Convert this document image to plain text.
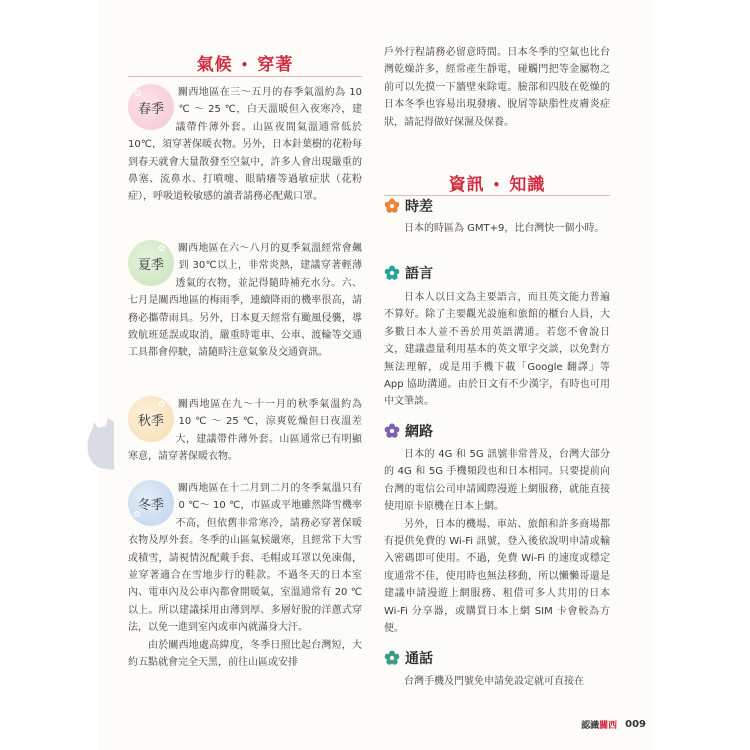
氣候 • 穿著
✿
春季

關西地區在三～五月的春季氣溫約為 10 ℃ ～ 25 ℃，白天溫暖但入夜寒冷，建議帶件薄外套。山區夜間氣溫通常低於 10℃，須穿著保暖衣物。另外，日本針葉樹的花粉每到春天就會大量散發至空氣中，許多人會出現嚴重的鼻塞、流鼻水、打噴嚏、眼睛癢等過敏症狀（花粉症），呼吸道較敏感的讀者請務必配戴口罩。

✿
夏季

關西地區在六～八月的夏季氣溫經常會飆到 30℃以上，非常炎熱，建議穿著輕薄透氣的衣物，並記得隨時補充水分。六、七月是關西地區的梅雨季，連續降雨的機率很高，請務必攜帶雨具。另外，日本夏天經常有颱風侵襲，導致航班延誤或取消，嚴重時電車、公車、渡輪等交通工具都會停駛，請隨時注意氣象及交通資訊。

✿
秋季

關西地區在九～十一月的秋季氣溫約為 10 ℃ ～ 25 ℃，涼爽乾燥但日夜溫差大，建議帶件薄外套。山區通常已有明顯寒意，請穿著保暖衣物。

✿
冬季

關西地區在十二月到二月的冬季氣溫只有 0 ℃～ 10 ℃，市區或平地雖然降雪機率不高，但依舊非常寒冷，請務必穿著保暖衣物及厚外套。冬季的山區氣候嚴寒，且經常下大雪或積雪，請視情況配戴手套、毛帽或耳罩以免凍傷，並穿著適合在雪地步行的鞋款。不過冬天的日本室內、電車內及公車內都會開暖氣，室溫通常有 20 ℃以上。所以建議採用由薄到厚、多層好脫的洋蔥式穿法，以免一進到室內或車內就滿身大汗。

由於關西地處高緯度，冬季日照比起台灣短，大約五點就會完全天黑，前往山區或安排

戶外行程請務必留意時間。日本冬季的空氣也比台灣乾燥許多，經常產生靜電，碰觸門把等金屬物之前可以先摸一下牆壁來除電。臉部和四肢在乾燥的日本冬季也容易出現發癢、脫屑等缺脂性皮膚炎症狀，請記得做好保濕及保養。

資訊 • 知識
時差

日本的時區為 GMT+9，比台灣快一個小時。

語言

日本人以日文為主要語言，而且英文能力普遍不算好。除了主要觀光設施和旅館的櫃台人員，大多數日本人並不善於用英語溝通。若您不會說日文，建議盡量利用基本的英文單字交談，以免對方無法理解，或是用手機下載「Google 翻譯」等 App 協助溝通。由於日文有不少漢字，有時也可用中文筆談。

網路

日本的 4G 和 5G 訊號非常普及，台灣大部分的 4G 和 5G 手機頻段也和日本相同。只要提前向台灣的電信公司申請國際漫遊上網服務，就能直接使用原卡原機在日本上網。

另外，日本的機場、車站、旅館和許多商場都有提供免費的 Wi-Fi 訊號，登入後依說明申請或輸入密碼即可使用。不過，免費 Wi-Fi 的速度或穩定度通常不佳，使用時也無法移動，所以懶懶哥還是建議申請漫遊上網服務、租借可多人共用的日本 Wi-Fi 分享器，或購買日本上網 SIM 卡會較為方便。

通話

台灣手機及門號免申請免設定就可直接在

認識 關西 009
